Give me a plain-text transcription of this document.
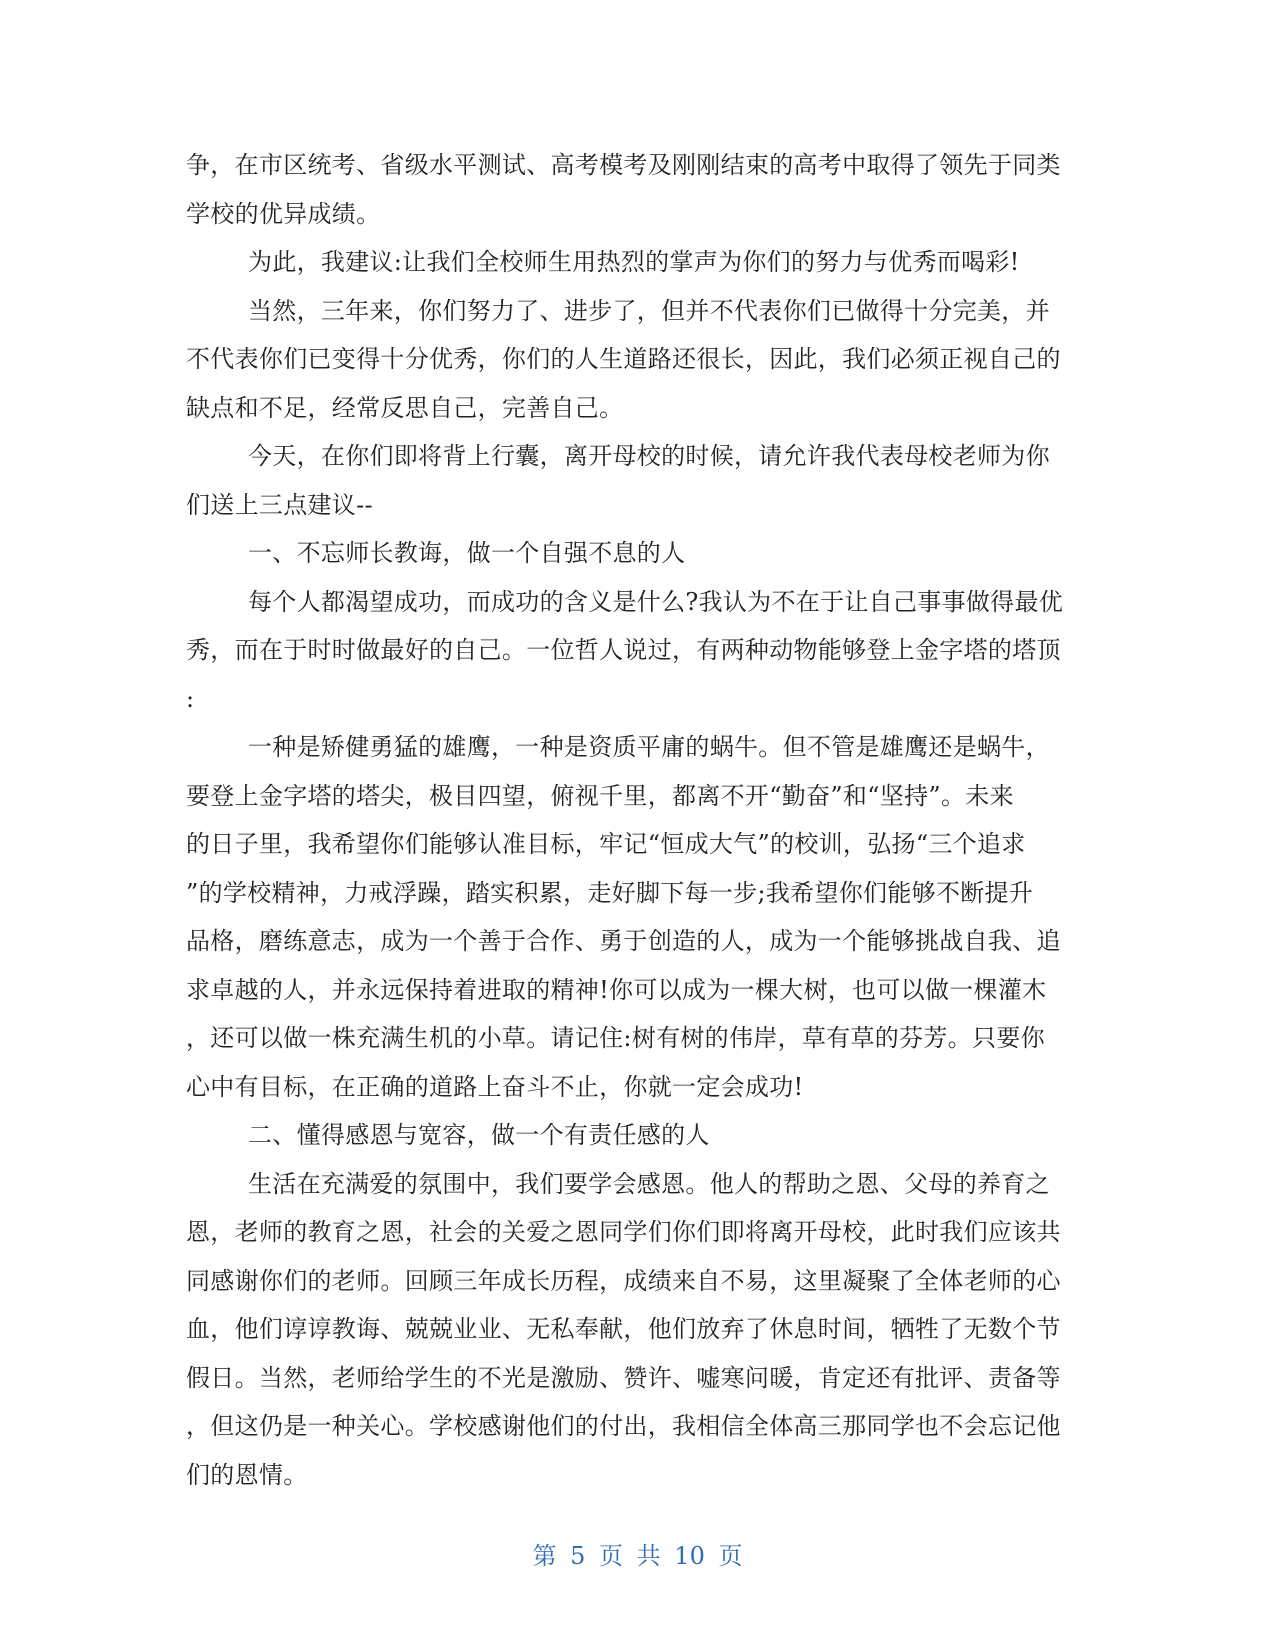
争，在市区统考、省级水平测试、高考模考及刚刚结束的高考中取得了领先于同类
学校的优异成绩。
为此，我建议:让我们全校师生用热烈的掌声为你们的努力与优秀而喝彩!
当然，三年来，你们努力了、进步了，但并不代表你们已做得十分完美，并
不代表你们已变得十分优秀，你们的人生道路还很长，因此，我们必须正视自己的
缺点和不足，经常反思自己，完善自己。
今天，在你们即将背上行囊，离开母校的时候，请允许我代表母校老师为你
们送上三点建议--
一、不忘师长教诲，做一个自强不息的人
每个人都渴望成功，而成功的含义是什么?我认为不在于让自己事事做得最优
秀，而在于时时做最好的自己。一位哲人说过，有两种动物能够登上金字塔的塔顶
:
一种是矫健勇猛的雄鹰，一种是资质平庸的蜗牛。但不管是雄鹰还是蜗牛，
要登上金字塔的塔尖，极目四望，俯视千里，都离不开“勤奋”和“坚持”。未来
的日子里，我希望你们能够认准目标，牢记“恒成大气”的校训，弘扬“三个追求
”的学校精神，力戒浮躁，踏实积累，走好脚下每一步;我希望你们能够不断提升
品格，磨练意志，成为一个善于合作、勇于创造的人，成为一个能够挑战自我、追
求卓越的人，并永远保持着进取的精神!你可以成为一棵大树，也可以做一棵灌木
，还可以做一株充满生机的小草。请记住:树有树的伟岸，草有草的芬芳。只要你
心中有目标，在正确的道路上奋斗不止，你就一定会成功!
二、懂得感恩与宽容，做一个有责任感的人
生活在充满爱的氛围中，我们要学会感恩。他人的帮助之恩、父母的养育之
恩，老师的教育之恩，社会的关爱之恩同学们你们即将离开母校，此时我们应该共
同感谢你们的老师。回顾三年成长历程，成绩来自不易，这里凝聚了全体老师的心
血，他们谆谆教诲、兢兢业业、无私奉献，他们放弃了休息时间，牺牲了无数个节
假日。当然，老师给学生的不光是激励、赞许、嘘寒问暖，肯定还有批评、责备等
，但这仍是一种关心。学校感谢他们的付出，我相信全体高三那同学也不会忘记他
们的恩情。
第 5 页 共 10 页
